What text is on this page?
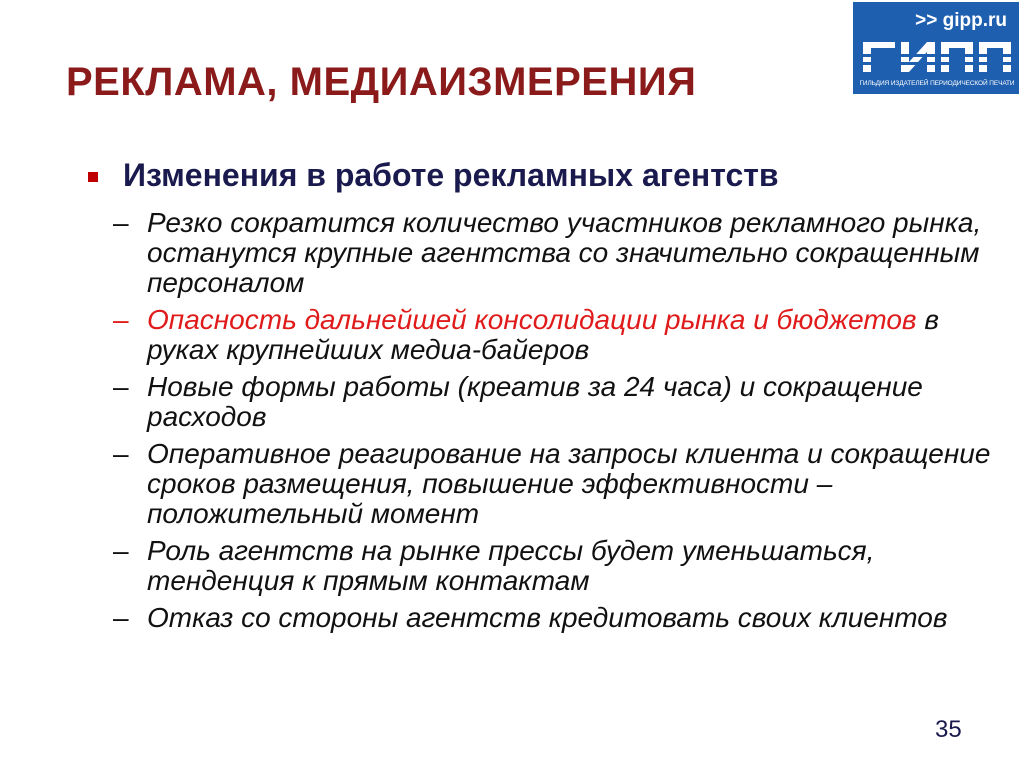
РЕКЛАМА, МЕДИАИЗМЕРЕНИЯ
>> gipp.ru
ГИЛЬДИЯ ИЗДАТЕЛЕЙ ПЕРИОДИЧЕСКОЙ ПЕЧАТИ
Изменения в работе рекламных агентств
– Резко сократится количество участников рекламного рынка, останутся крупные агентства со значительно сокращенным персоналом
– Опасность дальнейшей консолидации рынка и бюджетов в руках крупнейших медиа-байеров
– Новые формы работы (креатив за 24 часа) и сокращение расходов
– Оперативное реагирование на запросы клиента и сокращение сроков размещения, повышение эффективности – положительный момент
– Роль агентств на рынке прессы будет уменьшаться, тенденция к прямым контактам
– Отказ со стороны агентств кредитовать своих клиентов
35
